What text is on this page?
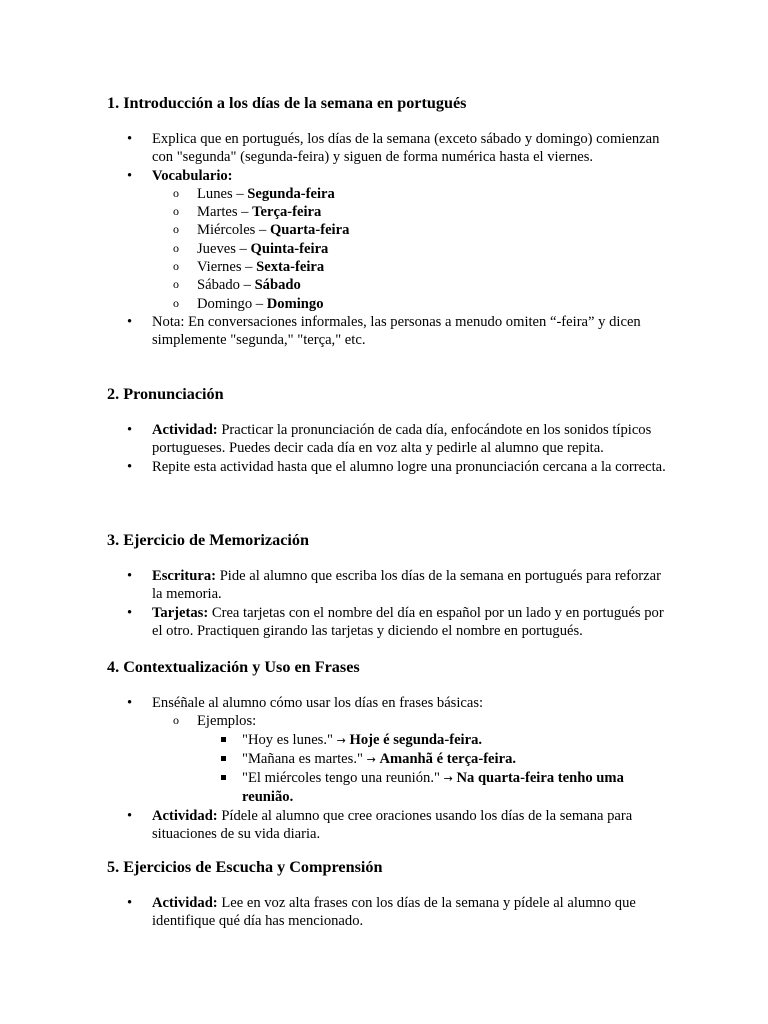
1. Introducción a los días de la semana en portugués
• Explica que en portugués, los días de la semana (exceto sábado y domingo) comienzan con "segunda" (segunda-feira) y siguen de forma numérica hasta el viernes.
• Vocabulario:
o Lunes – Segunda-feira
o Martes – Terça-feira
o Miércoles – Quarta-feira
o Jueves – Quinta-feira
o Viernes – Sexta-feira
o Sábado – Sábado
o Domingo – Domingo
• Nota: En conversaciones informales, las personas a menudo omiten “-feira” y dicen simplemente "segunda," "terça," etc.
2. Pronunciación
• Actividad: Practicar la pronunciación de cada día, enfocándote en los sonidos típicos portugueses. Puedes decir cada día en voz alta y pedirle al alumno que repita.
• Repite esta actividad hasta que el alumno logre una pronunciación cercana a la correcta.
3. Ejercicio de Memorización
• Escritura: Pide al alumno que escriba los días de la semana en portugués para reforzar la memoria.
• Tarjetas: Crea tarjetas con el nombre del día en español por un lado y en portugués por el otro. Practiquen girando las tarjetas y diciendo el nombre en portugués.
4. Contextualización y Uso en Frases
• Enséñale al alumno cómo usar los días en frases básicas:
o Ejemplos:
"Hoy es lunes." → Hoje é segunda-feira.
"Mañana es martes." → Amanhã é terça-feira.
"El miércoles tengo una reunión." → Na quarta-feira tenho uma reunião.
• Actividad: Pídele al alumno que cree oraciones usando los días de la semana para situaciones de su vida diaria.
5. Ejercicios de Escucha y Comprensión
• Actividad: Lee en voz alta frases con los días de la semana y pídele al alumno que identifique qué día has mencionado.
